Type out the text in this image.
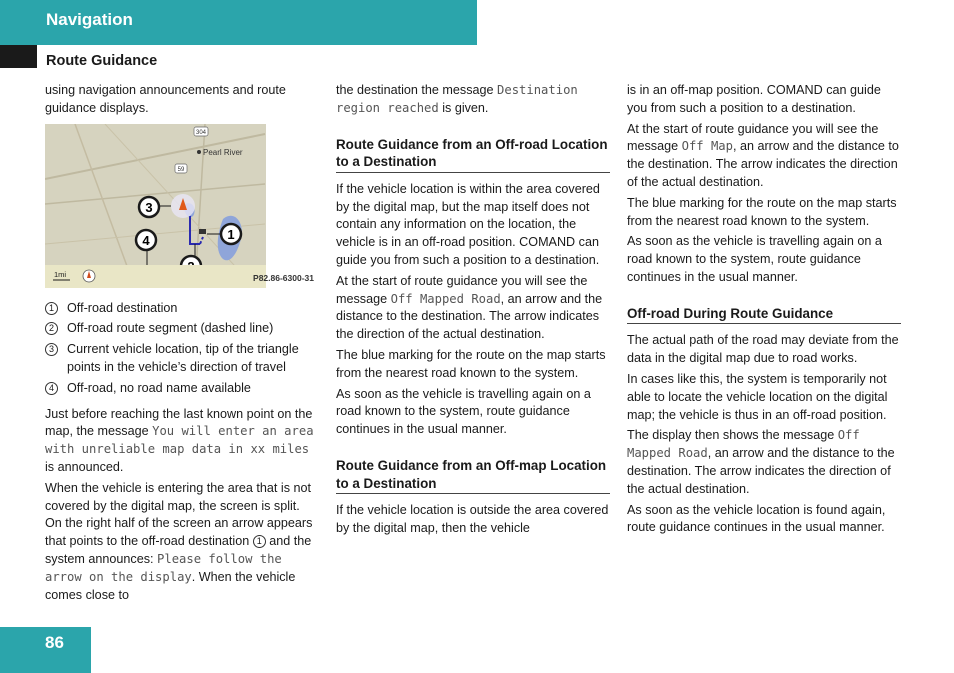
Navigation
Route Guidance

using navigation announcements and route guidance displays.

1
3
4
Pearl River
304
59
1mi	P82.86-6300-31
1	Off-road destination
2	Off-road route segment (dashed line)
3	Current vehicle location, tip of the triangle points in the vehicle’s direction of travel
4	Off-road, no road name available

Just before reaching the last known point on the map, the message You will enter an area with unreliable map data in xx miles is announced.

When the vehicle is entering the area that is not covered by the digital map, the screen is split. On the right half of the screen an arrow appears that points to the off-road destination 1 and the system announces: Please follow the arrow on the display. When the vehicle comes close to

the destination the message Destination region reached is given.

Route Guidance from an Off-road Location to a Destination

If the vehicle location is within the area covered by the digital map, but the map itself does not contain any information on the location, the vehicle is in an off-road position. COMAND can guide you from such a position to a destination.

At the start of route guidance you will see the message Off Mapped Road, an arrow and the distance to the destination. The arrow indicates the direction of the actual destination.

The blue marking for the route on the map starts from the nearest road known to the system.

As soon as the vehicle is travelling again on a road known to the system, route guidance continues in the usual manner.

Route Guidance from an Off-map Location to a Destination

If the vehicle location is outside the area covered by the digital map, then the vehicle

is in an off-map position. COMAND can guide you from such a position to a destination.

At the start of route guidance you will see the message Off Map, an arrow and the distance to the destination. The arrow indicates the direction of the actual destination.

The blue marking for the route on the map starts from the nearest road known to the system.

As soon as the vehicle is travelling again on a road known to the system, route guidance continues in the usual manner.

Off-road During Route Guidance

The actual path of the road may deviate from the data in the digital map due to road works.

In cases like this, the system is temporarily not able to locate the vehicle location on the digital map; the vehicle is thus in an off-road position.

The display then shows the message Off Mapped Road, an arrow and the distance to the destination. The arrow indicates the direction of the actual destination.

As soon as the vehicle location is found again, route guidance continues in the usual manner.

86
